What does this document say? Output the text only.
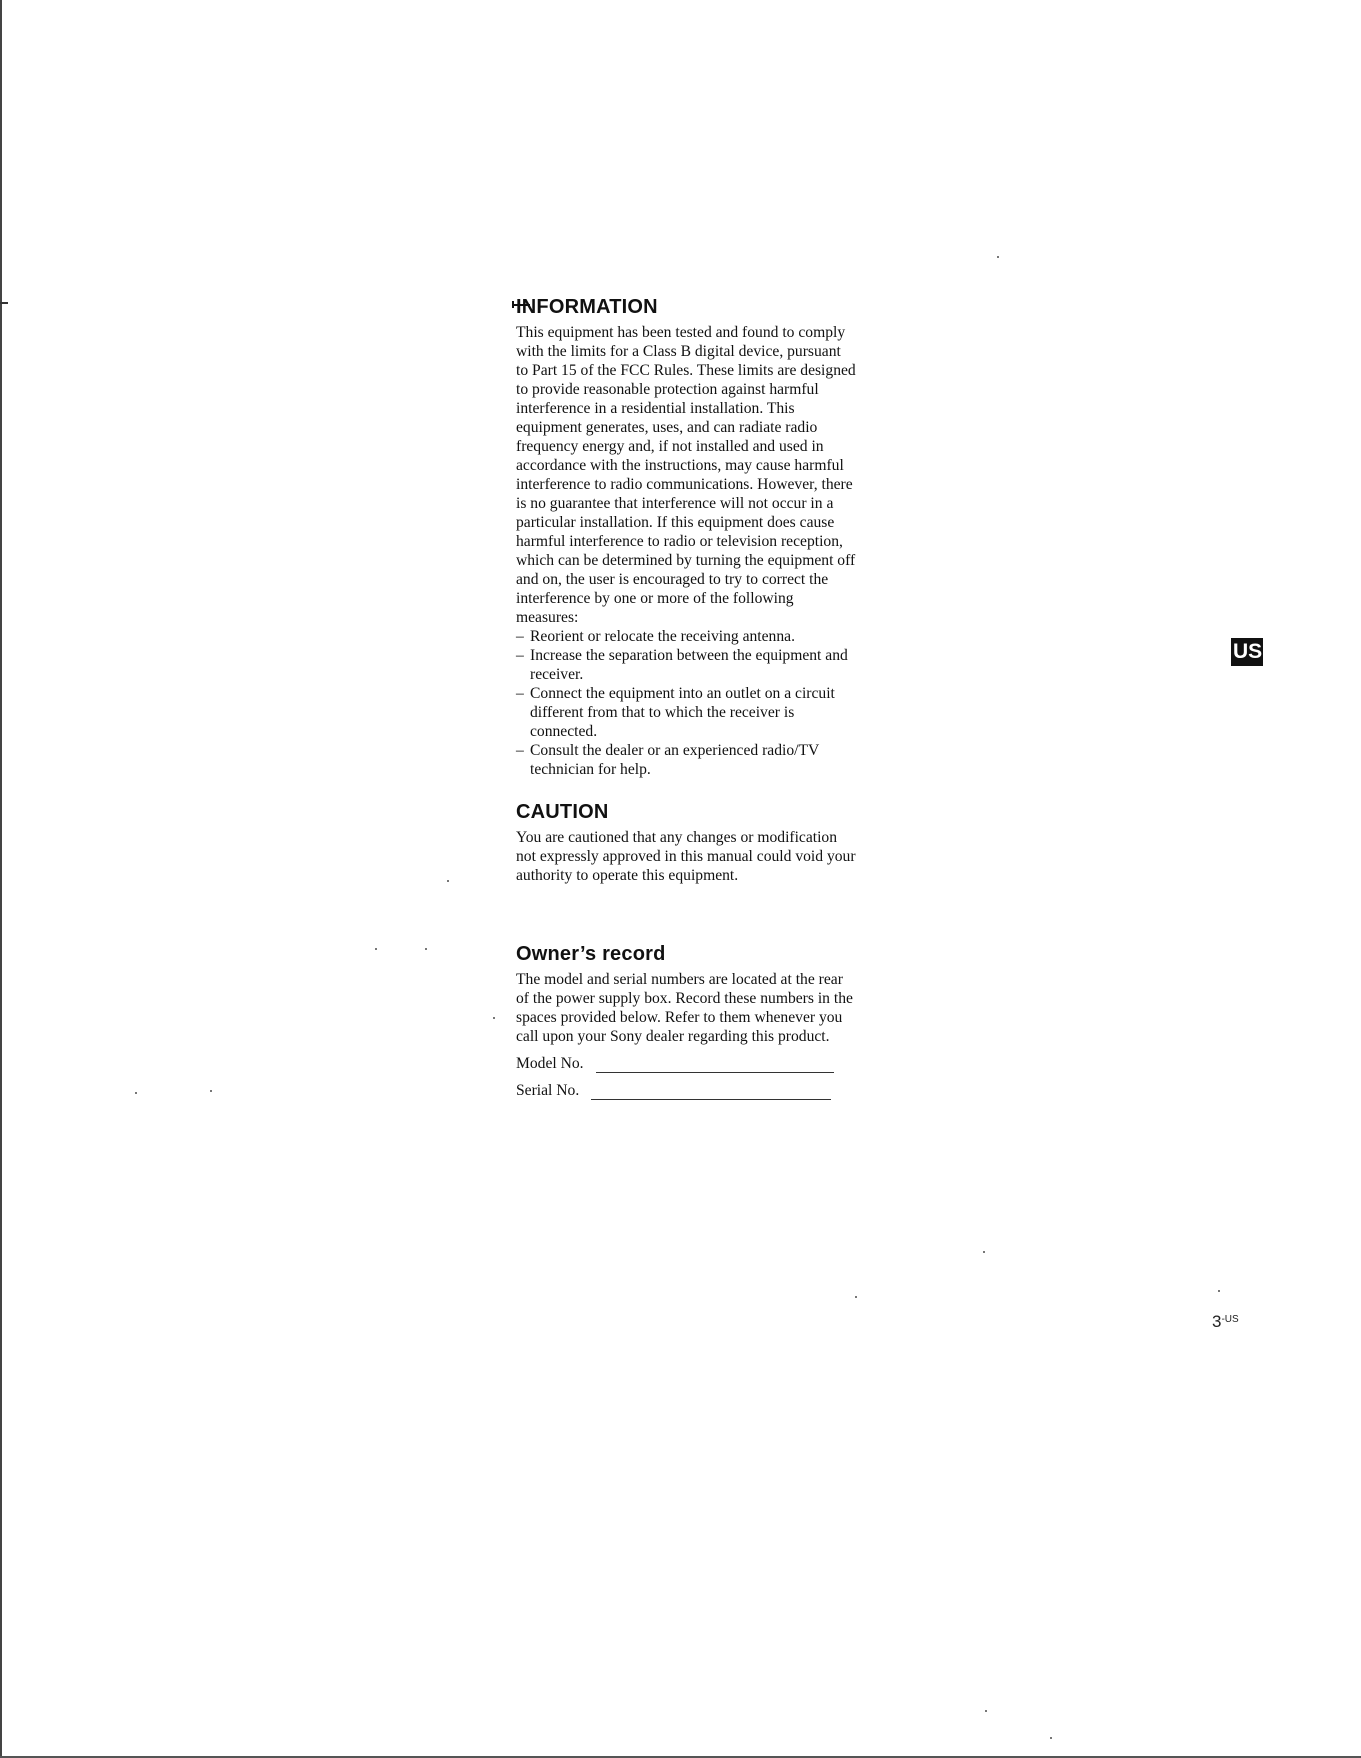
INFORMATION

This equipment has been tested and found to comply with the limits for a Class B digital device, pursuant to Part 15 of the FCC Rules. These limits are designed to provide reasonable protection against harmful interference in a residential installation. This equipment generates, uses, and can radiate radio frequency energy and, if not installed and used in accordance with the instructions, may cause harmful interference to radio communications. However, there is no guarantee that interference will not occur in a particular installation. If this equipment does cause harmful interference to radio or television reception, which can be determined by turning the equipment off and on, the user is encouraged to try to correct the interference by one or more of the following measures:

– Reorient or relocate the receiving antenna.
– Increase the separation between the equipment and receiver.
– Connect the equipment into an outlet on a circuit different from that to which the receiver is connected.
– Consult the dealer or an experienced radio/TV technician for help.
CAUTION

You are cautioned that any changes or modification not expressly approved in this manual could void your authority to operate this equipment.

Owner’s record

The model and serial numbers are located at the rear of the power supply box. Record these numbers in the spaces provided below. Refer to them whenever you call upon your Sony dealer regarding this product.

Model No.
Serial No.
US
$3^{-US}$
